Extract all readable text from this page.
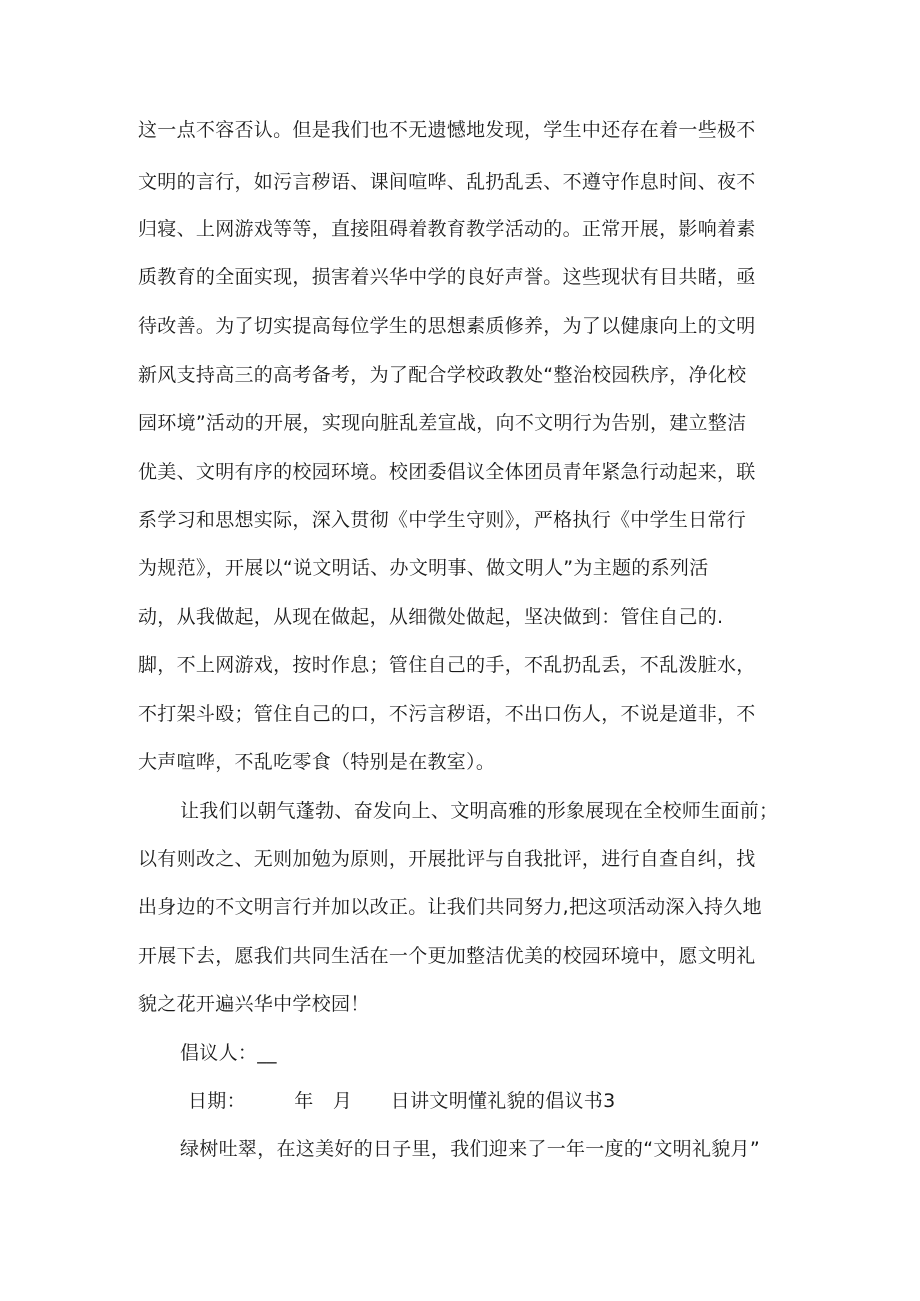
这一点不容否认。但是我们也不无遗憾地发现，学生中还存在着一些极不
文明的言行，如污言秽语、课间喧哗、乱扔乱丢、不遵守作息时间、夜不
归寝、上网游戏等等，直接阻碍着教育教学活动的。正常开展，影响着素
质教育的全面实现，损害着兴华中学的良好声誉。这些现状有目共睹，亟
待改善。为了切实提高每位学生的思想素质修养，为了以健康向上的文明
新风支持高三的高考备考，为了配合学校政教处“整治校园秩序，净化校
园环境”活动的开展，实现向脏乱差宣战，向不文明行为告别，建立整洁
优美、文明有序的校园环境。校团委倡议全体团员青年紧急行动起来，联
系学习和思想实际，深入贯彻《中学生守则》，严格执行《中学生日常行
为规范》，开展以“说文明话、办文明事、做文明人”为主题的系列活
动，从我做起，从现在做起，从细微处做起，坚决做到：管住自己的.
脚，不上网游戏，按时作息；管住自己的手，不乱扔乱丢，不乱泼脏水，
不打架斗殴；管住自己的口，不污言秽语，不出口伤人，不说是道非，不
大声喧哗，不乱吃零食（特别是在教室）。
让我们以朝气蓬勃、奋发向上、文明高雅的形象展现在全校师生面前；
以有则改之、无则加勉为原则，开展批评与自我批评，进行自查自纠，找
出身边的不文明言行并加以改正。让我们共同努力,把这项活动深入持久地
开展下去，愿我们共同生活在一个更加整洁优美的校园环境中，愿文明礼
貌之花开遍兴华中学校园！
倡议人：__
日期：　　　年　月　　日讲文明懂礼貌的倡议书3
绿树吐翠，在这美好的日子里，我们迎来了一年一度的“文明礼貌月”
